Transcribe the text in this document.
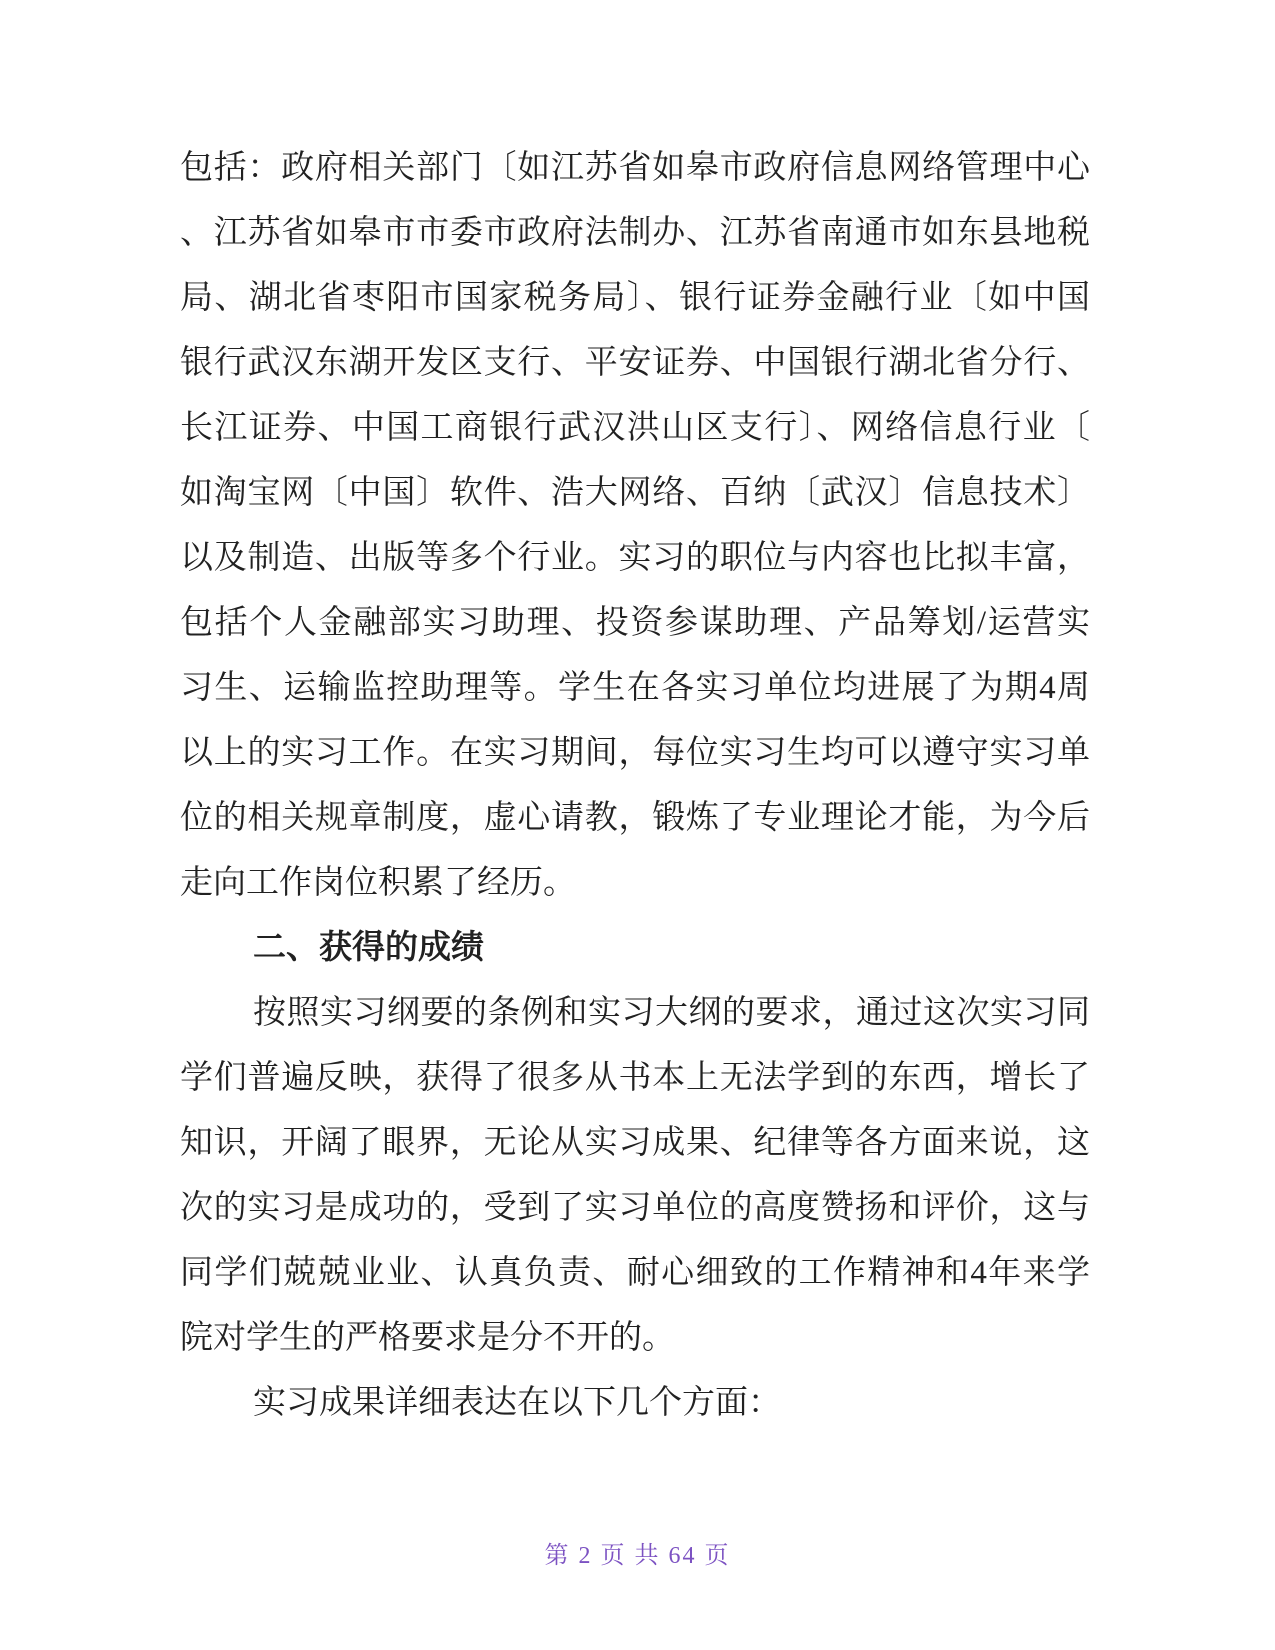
包括：政府相关部门〔如江苏省如皋市政府信息网络管理中心
、江苏省如皋市市委市政府法制办、江苏省南通市如东县地税
局、湖北省枣阳市国家税务局〕、银行证券金融行业〔如中国
银行武汉东湖开发区支行、平安证券、中国银行湖北省分行、
长江证券、中国工商银行武汉洪山区支行〕、网络信息行业〔
如淘宝网〔中国〕软件、浩大网络、百纳〔武汉〕信息技术〕
以及制造、出版等多个行业。实习的职位与内容也比拟丰富，
包括个人金融部实习助理、投资参谋助理、产品筹划/运营实
习生、运输监控助理等。学生在各实习单位均进展了为期4周
以上的实习工作。在实习期间，每位实习生均可以遵守实习单
位的相关规章制度，虚心请教，锻炼了专业理论才能，为今后
走向工作岗位积累了经历。
二、获得的成绩
按照实习纲要的条例和实习大纲的要求，通过这次实习同
学们普遍反映，获得了很多从书本上无法学到的东西，增长了
知识，开阔了眼界，无论从实习成果、纪律等各方面来说，这
次的实习是成功的，受到了实习单位的高度赞扬和评价，这与
同学们兢兢业业、认真负责、耐心细致的工作精神和4年来学
院对学生的严格要求是分不开的。
实习成果详细表达在以下几个方面：
第 2 页 共 64 页
